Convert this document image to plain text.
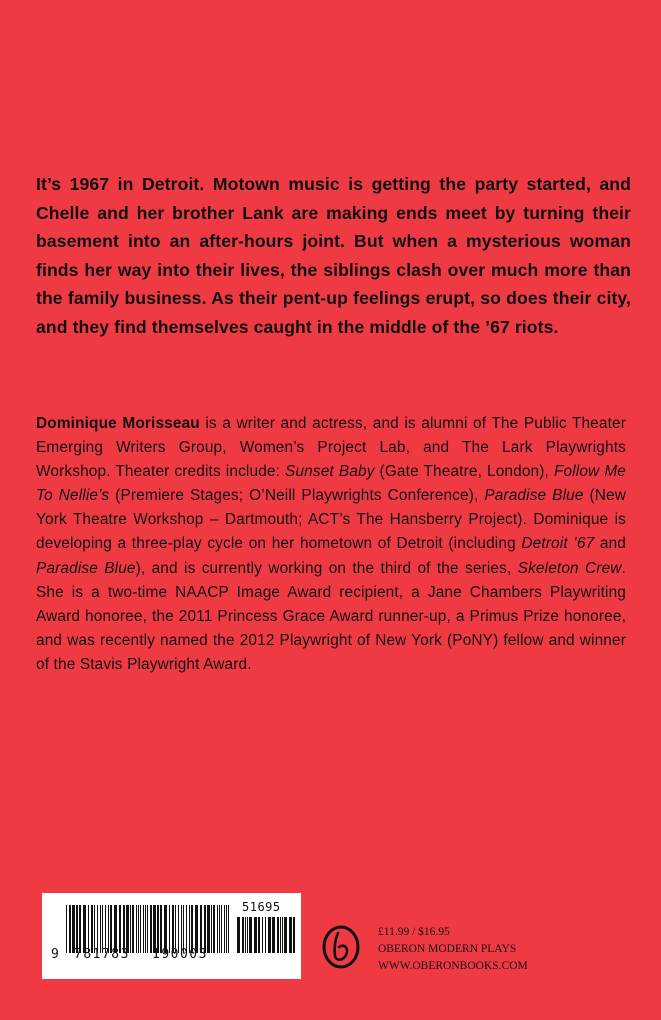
It’s 1967 in Detroit. Motown music is getting the party started, and Chelle and her brother Lank are making ends meet by turning their basement into an after-hours joint. But when a mysterious woman finds her way into their lives, the siblings clash over much more than the family business. As their pent-up feelings erupt, so does their city, and they find themselves caught in the middle of the ’67 riots.

Dominique Morisseau is a writer and actress, and is alumni of The Public Theater Emerging Writers Group, Women’s Project Lab, and The Lark Playwrights Workshop. Theater credits include: Sunset Baby (Gate Theatre, London), Follow Me To Nellie’s (Premiere Stages; O’Neill Playwrights Conference), Paradise Blue (New York Theatre Workshop – Dartmouth; ACT’s The Hansberry Project). Dominique is developing a three-play cycle on her hometown of Detroit (including Detroit ’67 and Paradise Blue), and is currently working on the third of the series, Skeleton Crew. She is a two-time NAACP Image Award recipient, a Jane Chambers Playwriting Award honoree, the 2011 Princess Grace Award runner-up, a Primus Prize honoree, and was recently named the 2012 Playwright of New York (PoNY) fellow and winner of the Stavis Playwright Award.

9 781783 190003
51695
£11.99 / $16.95
OBERON MODERN PLAYS
WWW.OBERONBOOKS.COM
